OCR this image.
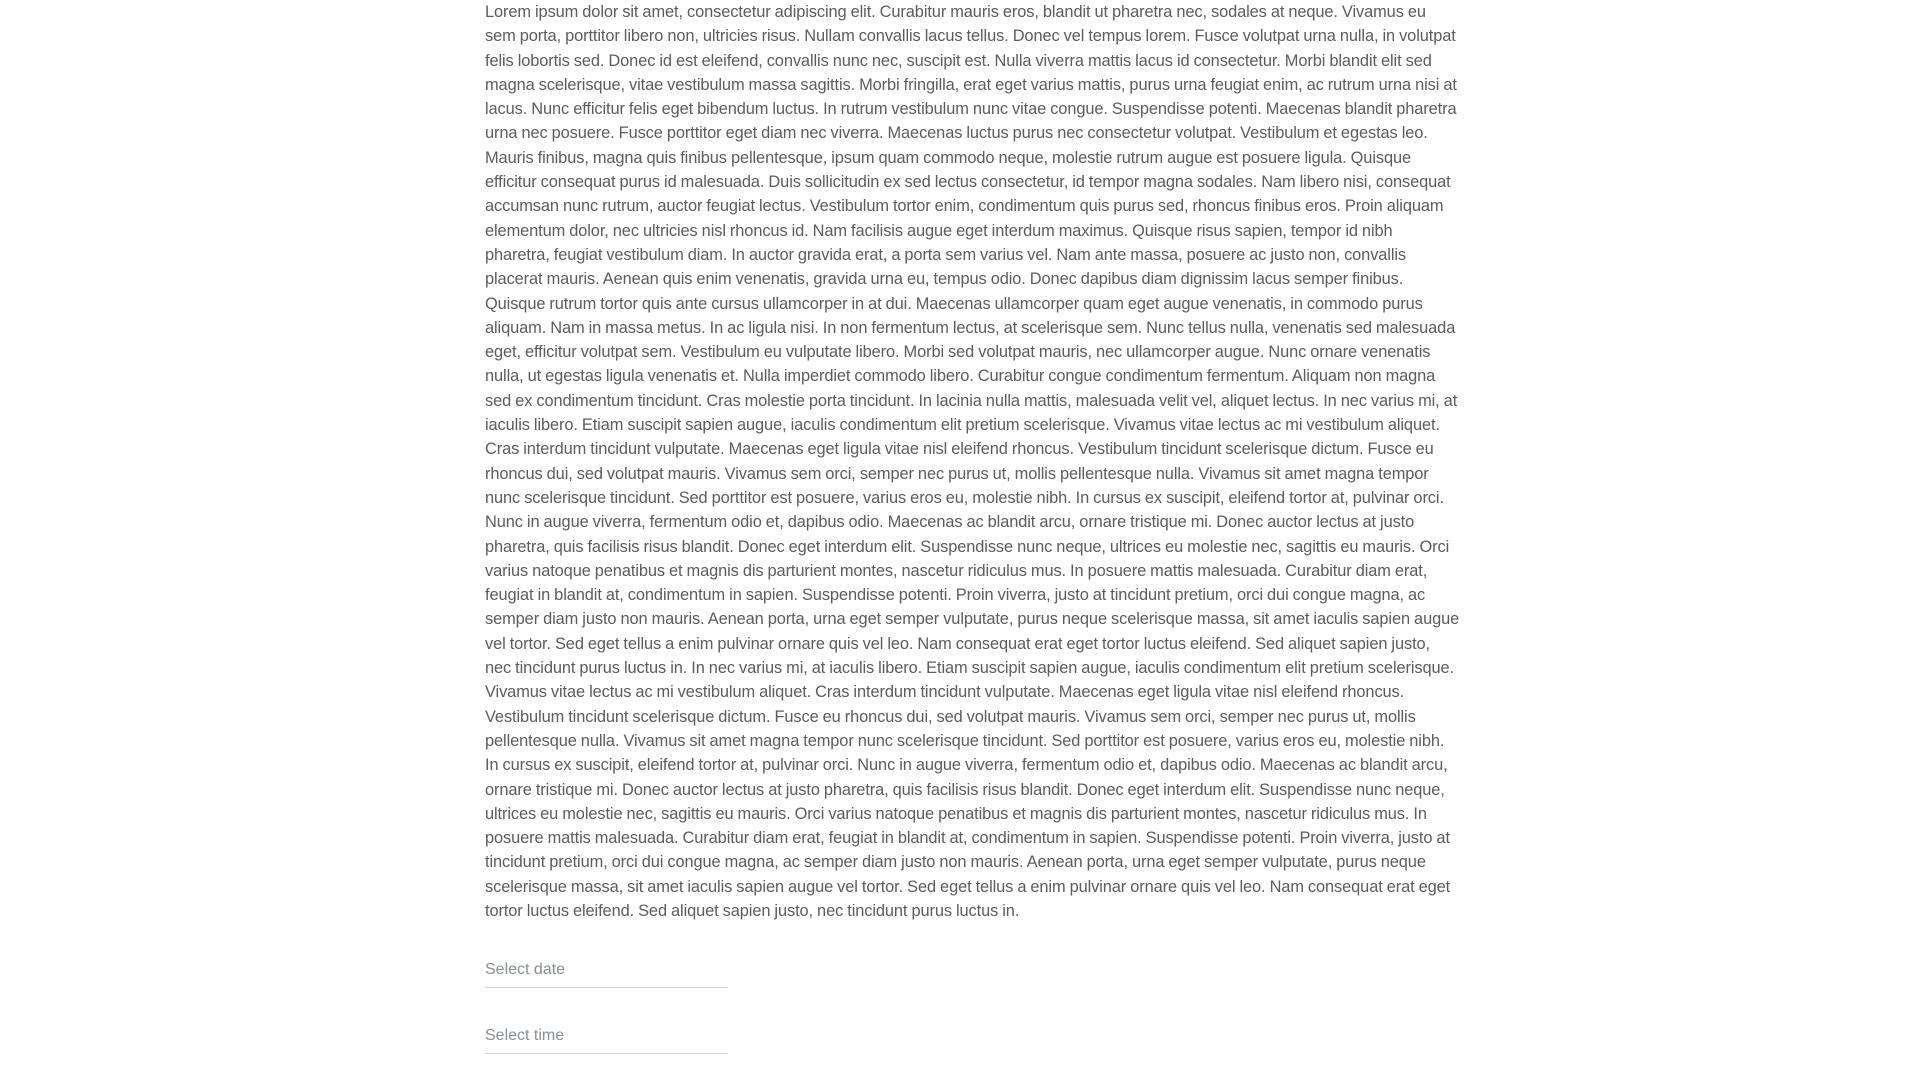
Lorem ipsum dolor sit amet, consectetur adipiscing elit. Curabitur mauris eros, blandit ut pharetra nec, sodales at neque. Vivamus eu sem porta, porttitor libero non, ultricies risus. Nullam convallis lacus tellus. Donec vel tempus lorem. Fusce volutpat urna nulla, in volutpat felis lobortis sed. Donec id est eleifend, convallis nunc nec, suscipit est. Nulla viverra mattis lacus id consectetur. Morbi blandit elit sed magna scelerisque, vitae vestibulum massa sagittis. Morbi fringilla, erat eget varius mattis, purus urna feugiat enim, ac rutrum urna nisi at lacus. Nunc efficitur felis eget bibendum luctus. In rutrum vestibulum nunc vitae congue. Suspendisse potenti. Maecenas blandit pharetra urna nec posuere. Fusce porttitor eget diam nec viverra. Maecenas luctus purus nec consectetur volutpat. Vestibulum et egestas leo. Mauris finibus, magna quis finibus pellentesque, ipsum quam commodo neque, molestie rutrum augue est posuere ligula. Quisque efficitur consequat purus id malesuada. Duis sollicitudin ex sed lectus consectetur, id tempor magna sodales. Nam libero nisi, consequat accumsan nunc rutrum, auctor feugiat lectus. Vestibulum tortor enim, condimentum quis purus sed, rhoncus finibus eros. Proin aliquam elementum dolor, nec ultricies nisl rhoncus id. Nam facilisis augue eget interdum maximus. Quisque risus sapien, tempor id nibh pharetra, feugiat vestibulum diam. In auctor gravida erat, a porta sem varius vel. Nam ante massa, posuere ac justo non, convallis placerat mauris. Aenean quis enim venenatis, gravida urna eu, tempus odio. Donec dapibus diam dignissim lacus semper finibus. Quisque rutrum tortor quis ante cursus ullamcorper in at dui. Maecenas ullamcorper quam eget augue venenatis, in commodo purus aliquam. Nam in massa metus. In ac ligula nisi. In non fermentum lectus, at scelerisque sem. Nunc tellus nulla, venenatis sed malesuada eget, efficitur volutpat sem. Vestibulum eu vulputate libero. Morbi sed volutpat mauris, nec ullamcorper augue. Nunc ornare venenatis nulla, ut egestas ligula venenatis et. Nulla imperdiet commodo libero. Curabitur congue condimentum fermentum. Aliquam non magna sed ex condimentum tincidunt. Cras molestie porta tincidunt. In lacinia nulla mattis, malesuada velit vel, aliquet lectus. In nec varius mi, at iaculis libero. Etiam suscipit sapien augue, iaculis condimentum elit pretium scelerisque. Vivamus vitae lectus ac mi vestibulum aliquet. Cras interdum tincidunt vulputate. Maecenas eget ligula vitae nisl eleifend rhoncus. Vestibulum tincidunt scelerisque dictum. Fusce eu rhoncus dui, sed volutpat mauris. Vivamus sem orci, semper nec purus ut, mollis pellentesque nulla. Vivamus sit amet magna tempor nunc scelerisque tincidunt. Sed porttitor est posuere, varius eros eu, molestie nibh. In cursus ex suscipit, eleifend tortor at, pulvinar orci. Nunc in augue viverra, fermentum odio et, dapibus odio. Maecenas ac blandit arcu, ornare tristique mi. Donec auctor lectus at justo pharetra, quis facilisis risus blandit. Donec eget interdum elit. Suspendisse nunc neque, ultrices eu molestie nec, sagittis eu mauris. Orci varius natoque penatibus et magnis dis parturient montes, nascetur ridiculus mus. In posuere mattis malesuada. Curabitur diam erat, feugiat in blandit at, condimentum in sapien. Suspendisse potenti. Proin viverra, justo at tincidunt pretium, orci dui congue magna, ac semper diam justo non mauris. Aenean porta, urna eget semper vulputate, purus neque scelerisque massa, sit amet iaculis sapien augue vel tortor. Sed eget tellus a enim pulvinar ornare quis vel leo. Nam consequat erat eget tortor luctus eleifend. Sed aliquet sapien justo, nec tincidunt purus luctus in. In nec varius mi, at iaculis libero. Etiam suscipit sapien augue, iaculis condimentum elit pretium scelerisque. Vivamus vitae lectus ac mi vestibulum aliquet. Cras interdum tincidunt vulputate. Maecenas eget ligula vitae nisl eleifend rhoncus. Vestibulum tincidunt scelerisque dictum. Fusce eu rhoncus dui, sed volutpat mauris. Vivamus sem orci, semper nec purus ut, mollis pellentesque nulla. Vivamus sit amet magna tempor nunc scelerisque tincidunt. Sed porttitor est posuere, varius eros eu, molestie nibh. In cursus ex suscipit, eleifend tortor at, pulvinar orci. Nunc in augue viverra, fermentum odio et, dapibus odio. Maecenas ac blandit arcu, ornare tristique mi. Donec auctor lectus at justo pharetra, quis facilisis risus blandit. Donec eget interdum elit. Suspendisse nunc neque, ultrices eu molestie nec, sagittis eu mauris. Orci varius natoque penatibus et magnis dis parturient montes, nascetur ridiculus mus. In posuere mattis malesuada. Curabitur diam erat, feugiat in blandit at, condimentum in sapien. Suspendisse potenti. Proin viverra, justo at tincidunt pretium, orci dui congue magna, ac semper diam justo non mauris. Aenean porta, urna eget semper vulputate, purus neque scelerisque massa, sit amet iaculis sapien augue vel tortor. Sed eget tellus a enim pulvinar ornare quis vel leo. Nam consequat erat eget tortor luctus eleifend. Sed aliquet sapien justo, nec tincidunt purus luctus in.

Select date
Select time
